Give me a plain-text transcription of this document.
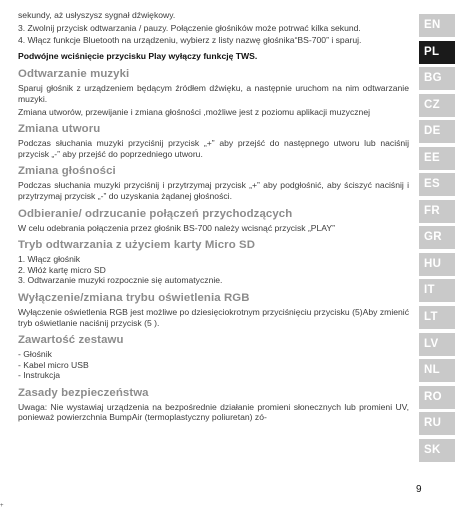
sekundy, aż usłyszysz sygnał dźwiękowy.

3. Zwolnij przycisk odtwarzania / pauzy. Połączenie głośników może potrwać kilka sekund.

4. Włącz funkcje Bluetooth na urządzeniu, wybierz z listy nazwę głośnika“BS-700” i sparuj.

Podwójne wciśnięcie przycisku Play wyłączy funkcję TWS.

Odtwarzanie muzyki

Sparuj głośnik z urządzeniem będącym źródłem dźwięku, a następnie uruchom na nim odtwarzanie muzyki.

Zmiana utworów, przewijanie i zmiana głośności ,możliwe jest z poziomu aplikacji muzycznej

Zmiana utworu

Podczas słuchania muzyki przyciśnij przycisk „+” aby przejść do następnego utworu lub naciśnij przycisk „-” aby przejść do poprzedniego utworu.

Zmiana głośności

Podczas słuchania muzyki przyciśnij i przytrzymaj przycisk „+” aby podgłośnić, aby ściszyć naciśnij i przytrzymaj przycisk „-” do uzyskania żądanej głośności.

Odbieranie/ odrzucanie połączeń przychodzących

W celu odebrania połączenia przez głośnik BS-700 należy wcisnąć przycisk „PLAY”

Tryb odtwarzania z użyciem karty Micro SD

1. Włącz głośnik

2. Włóż kartę micro SD

3. Odtwarzanie muzyki rozpocznie się automatycznie.

Wyłączenie/zmiana trybu oświetlenia RGB

Wyłączenie oświetlenia RGB jest możliwe po dziesięciokrotnym przyciśnięciu przycisku (5)Aby zmienić tryb oświetlanie naciśnij przycisk (5 ).

Zawartość zestawu

- Głośnik

- Kabel micro USB

- Instrukcja

Zasady bezpieczeństwa

Uwaga: Nie wystawiaj urządzenia na bezpośrednie działanie promieni słonecznych lub promieni UV, ponieważ powierzchnia BumpAir (termoplastyczny poliuretan) zó-

EN
PL
BG
CZ
DE
EE
ES
FR
GR
HU
IT
LT
LV
NL
RO
RU
SK
9
+
